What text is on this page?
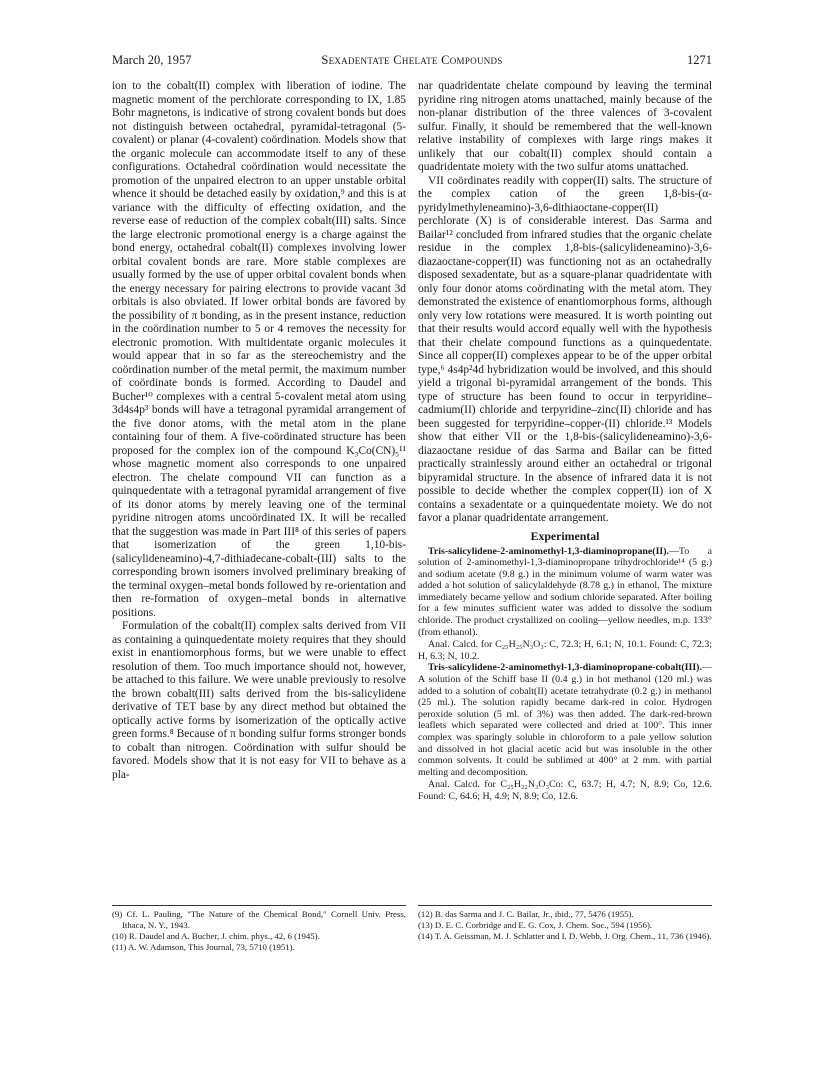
March 20, 1957	Sexadentate Chelate Compounds	1271

ion to the cobalt(II) complex with liberation of iodine. The magnetic moment of the perchlorate corresponding to IX, 1.85 Bohr magnetons, is indicative of strong covalent bonds but does not distinguish between octahedral, pyramidal-tetragonal (5-covalent) or planar (4-covalent) coördination. Models show that the organic molecule can accommodate itself to any of these configurations. Octahedral coördination would necessitate the promotion of the unpaired electron to an upper unstable orbital whence it should be detached easily by oxidation,⁹ and this is at variance with the difficulty of effecting oxidation, and the reverse ease of reduction of the complex cobalt(III) salts. Since the large electronic promotional energy is a charge against the bond energy, octahedral cobalt(II) complexes involving lower orbital covalent bonds are rare. More stable complexes are usually formed by the use of upper orbital covalent bonds when the energy necessary for pairing electrons to provide vacant 3d orbitals is also obviated. If lower orbital bonds are favored by the possibility of π bonding, as in the present instance, reduction in the coördination number to 5 or 4 removes the necessity for electronic promotion. With multidentate organic molecules it would appear that in so far as the stereochemistry and the coördination number of the metal permit, the maximum number of coördinate bonds is formed. According to Daudel and Bucher¹⁰ complexes with a central 5-covalent metal atom using 3d4s4p³ bonds will have a tetragonal pyramidal arrangement of the five donor atoms, with the metal atom in the plane containing four of them. A five-coördinated structure has been proposed for the complex ion of the compound K₃Co(CN)₅¹¹ whose magnetic moment also corresponds to one unpaired electron. The chelate compound VII can function as a quinquedentate with a tetragonal pyramidal arrangement of five of its donor atoms by merely leaving one of the terminal pyridine nitrogen atoms uncoördinated IX. It will be recalled that the suggestion was made in Part III⁸ of this series of papers that isomerization of the green 1,10-bis-(salicylideneamino)-4,7-dithiadecane-cobalt-(III) salts to the corresponding brown isomers involved preliminary breaking of the terminal oxygen–metal bonds followed by re-orientation and then re-formation of oxygen–metal bonds in alternative positions.

Formulation of the cobalt(II) complex salts derived from VII as containing a quinquedentate moiety requires that they should exist in enantiomorphous forms, but we were unable to effect resolution of them. Too much importance should not, however, be attached to this failure. We were unable previously to resolve the brown cobalt(III) salts derived from the bis-salicylidene derivative of TET base by any direct method but obtained the optically active forms by isomerization of the optically active green forms.⁸ Because of π bonding sulfur forms stronger bonds to cobalt than nitrogen. Coördination with sulfur should be favored. Models show that it is not easy for VII to behave as a pla-

nar quadridentate chelate compound by leaving the terminal pyridine ring nitrogen atoms unattached, mainly because of the non-planar distribution of the three valences of 3-covalent sulfur. Finally, it should be remembered that the well-known relative instability of complexes with large rings makes it unlikely that our cobalt(II) complex should contain a quadridentate moiety with the two sulfur atoms unattached.

VII coördinates readily with copper(II) salts. The structure of the complex cation of the green 1,8-bis-(α-pyridylmethyleneamino)-3,6-dithiaoctane-copper(II) perchlorate (X) is of considerable interest. Das Sarma and Bailar¹² concluded from infrared studies that the organic chelate residue in the complex 1,8-bis-(salicylideneamino)-3,6-diazaoctane-copper(II) was functioning not as an octahedrally disposed sexadentate, but as a square-planar quadridentate with only four donor atoms coördinating with the metal atom. They demonstrated the existence of enantiomorphous forms, although only very low rotations were measured. It is worth pointing out that their results would accord equally well with the hypothesis that their chelate compound functions as a quinquedentate. Since all copper(II) complexes appear to be of the upper orbital type,⁶ 4s4p²4d hybridization would be involved, and this should yield a trigonal bi-pyramidal arrangement of the bonds. This type of structure has been found to occur in terpyridine–cadmium(II) chloride and terpyridine–zinc(II) chloride and has been suggested for terpyridine–copper-(II) chloride.¹³ Models show that either VII or the 1,8-bis-(salicylideneamino)-3,6-diazaoctane residue of das Sarma and Bailar can be fitted practically strainlessly around either an octahedral or trigonal bipyramidal structure. In the absence of infrared data it is not possible to decide whether the complex copper(II) ion of X contains a sexadentate or a quinquedentate moiety. We do not favor a planar quadridentate arrangement.

Experimental

Tris-salicylidene-2-aminomethyl-1,3-diaminopropane(II).—To a solution of 2-aminomethyl-1,3-diaminopropane trihydrochloride¹⁴ (5 g.) and sodium acetate (9.8 g.) in the minimum volume of warm water was added a hot solution of salicylaldehyde (8.78 g.) in ethanol. The mixture immediately became yellow and sodium chloride separated. After boiling for a few minutes sufficient water was added to dissolve the sodium chloride. The product crystallized on cooling—yellow needles, m.p. 133° (from ethanol).

Anal. Calcd. for C₂₅H₂₅N₃O₃: C, 72.3; H, 6.1; N, 10.1. Found: C, 72.3; H, 6.3; N, 10.2.

Tris-salicylidene-2-aminomethyl-1,3-diaminopropane-cobalt(III).—A solution of the Schiff base II (0.4 g.) in hot methanol (120 ml.) was added to a solution of cobalt(II) acetate tetrahydrate (0.2 g.) in methanol (25 ml.). The solution rapidly became dark-red in color. Hydrogen peroxide solution (5 ml. of 3%) was then added. The dark-red-brown leaflets which separated were collected and dried at 100°. This inner complex was sparingly soluble in chloroform to a pale yellow solution and dissolved in hot glacial acetic acid but was insoluble in the other common solvents. It could be sublimed at 400° at 2 mm. with partial melting and decomposition.

Anal. Calcd. for C₂₅H₂₂N₃O₃Co: C, 63.7; H, 4.7; N, 8.9; Co, 12.6. Found: C, 64.6; H, 4.9; N, 8.9; Co, 12.6.

(9) Cf. L. Pauling, "The Nature of the Chemical Bond," Cornell Univ. Press, Ithaca, N. Y., 1943.

(10) R. Daudel and A. Bucher, J. chim. phys., 42, 6 (1945).

(11) A. W. Adamson, This Journal, 73, 5710 (1951).

(12) B. das Sarma and J. C. Bailar, Jr., ibid., 77, 5476 (1955).

(13) D. E. C. Corbridge and E. G. Cox, J. Chem. Soc., 594 (1956).

(14) T. A. Geissman, M. J. Schlatter and I. D. Webb, J. Org. Chem., 11, 736 (1946).
